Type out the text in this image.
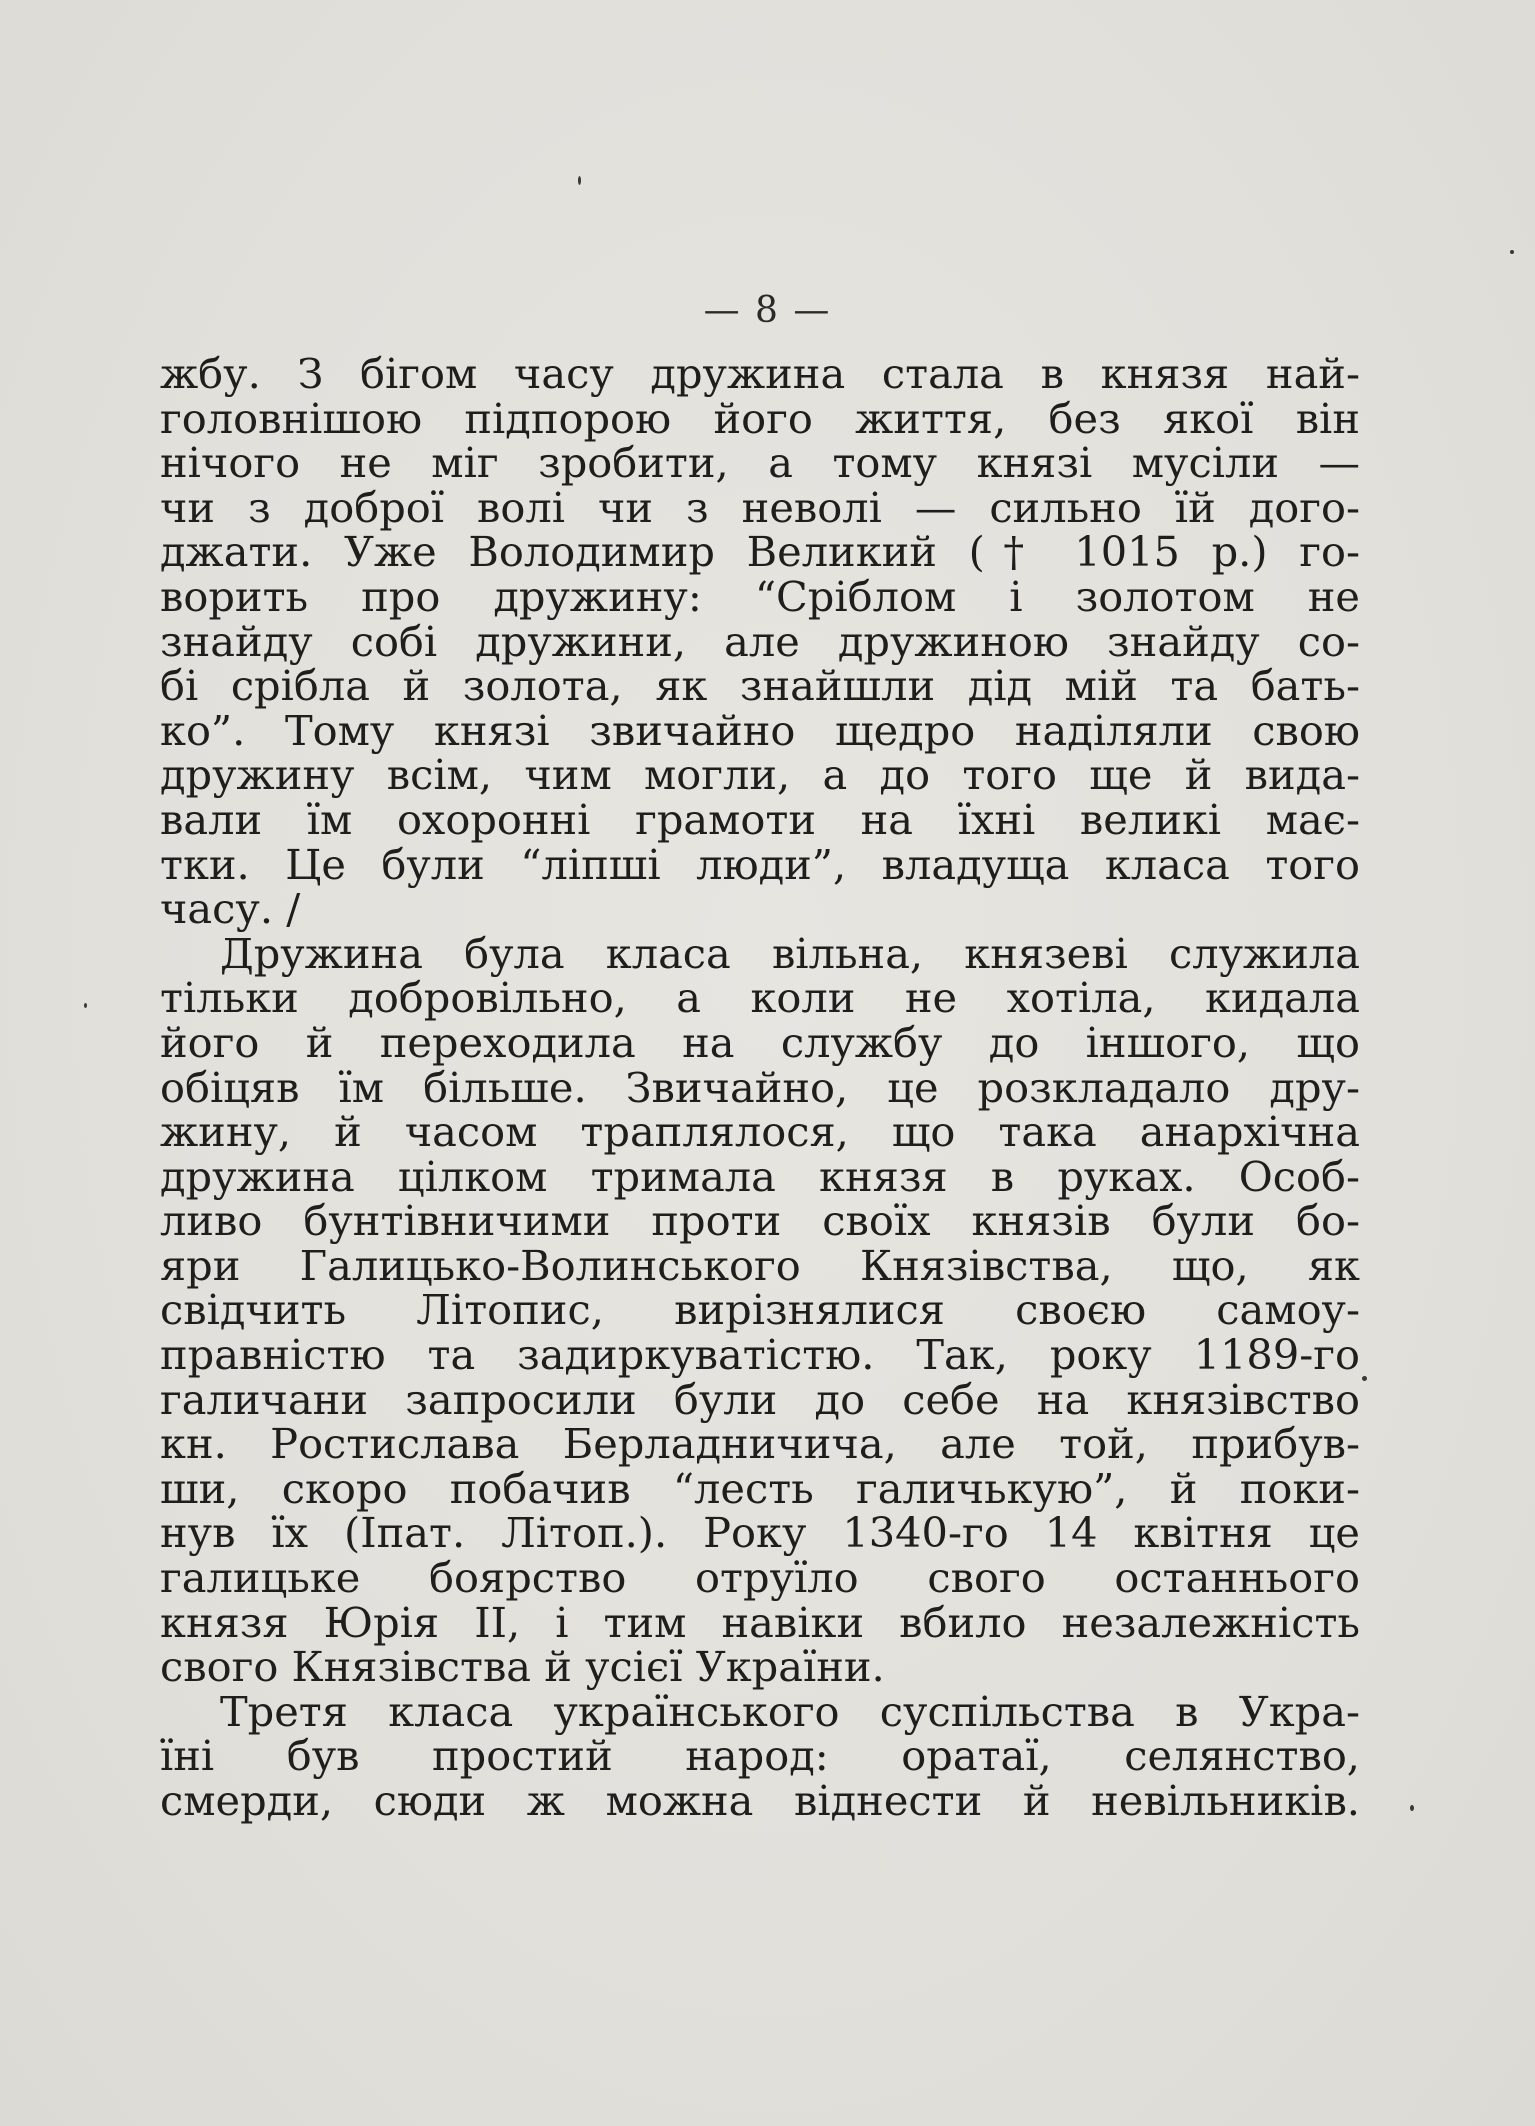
— 8 —
жбу. З бігом часу дружина стала в князя най-
головнішою підпорою його життя, без якої він
нічого не міг зробити, а тому князі мусіли —
чи з доброї волі чи з неволі — сильно їй дого-
джати. Уже Володимир Великий († 1015 р.) го-
ворить про дружину: “Сріблом і золотом не
знайду собі дружини, але дружиною знайду со-
бі срібла й золота, як знайшли дід мій та бать-
ко”. Тому князі звичайно щедро наділяли свою
дружину всім, чим могли, а до того ще й вида-
вали їм охоронні грамоти на їхні великі має-
тки. Це були “ліпші люди”, владуща класа того
часу. /
Дружина була класа вільна, князеві служила
тільки добровільно, а коли не хотіла, кидала
його й переходила на службу до іншого, що
обіцяв їм більше. Звичайно, це розкладало дру-
жину, й часом траплялося, що така анархічна
дружина цілком тримала князя в руках. Особ-
ливо бунтівничими проти своїх князів були бо-
яри Галицько-Волинського Князівства, що, як
свідчить Літопис, вирізнялися своєю самоу-
правністю та задиркуватістю. Так, року 1189-го
галичани запросили були до себе на князівство
кн. Ростислава Берладничича, але той, прибув-
ши, скоро побачив “лесть галичькую”, й поки-
нув їх (Іпат. Літоп.). Року 1340-го 14 квітня це
галицьке боярство отруїло свого останнього
князя Юрія II, і тим навіки вбило незалежність
свого Князівства й усієї України.
Третя класа українського суспільства в Укра-
їні був простий народ: оратаї, селянство,
смерди, сюди ж можна віднести й невільників.
